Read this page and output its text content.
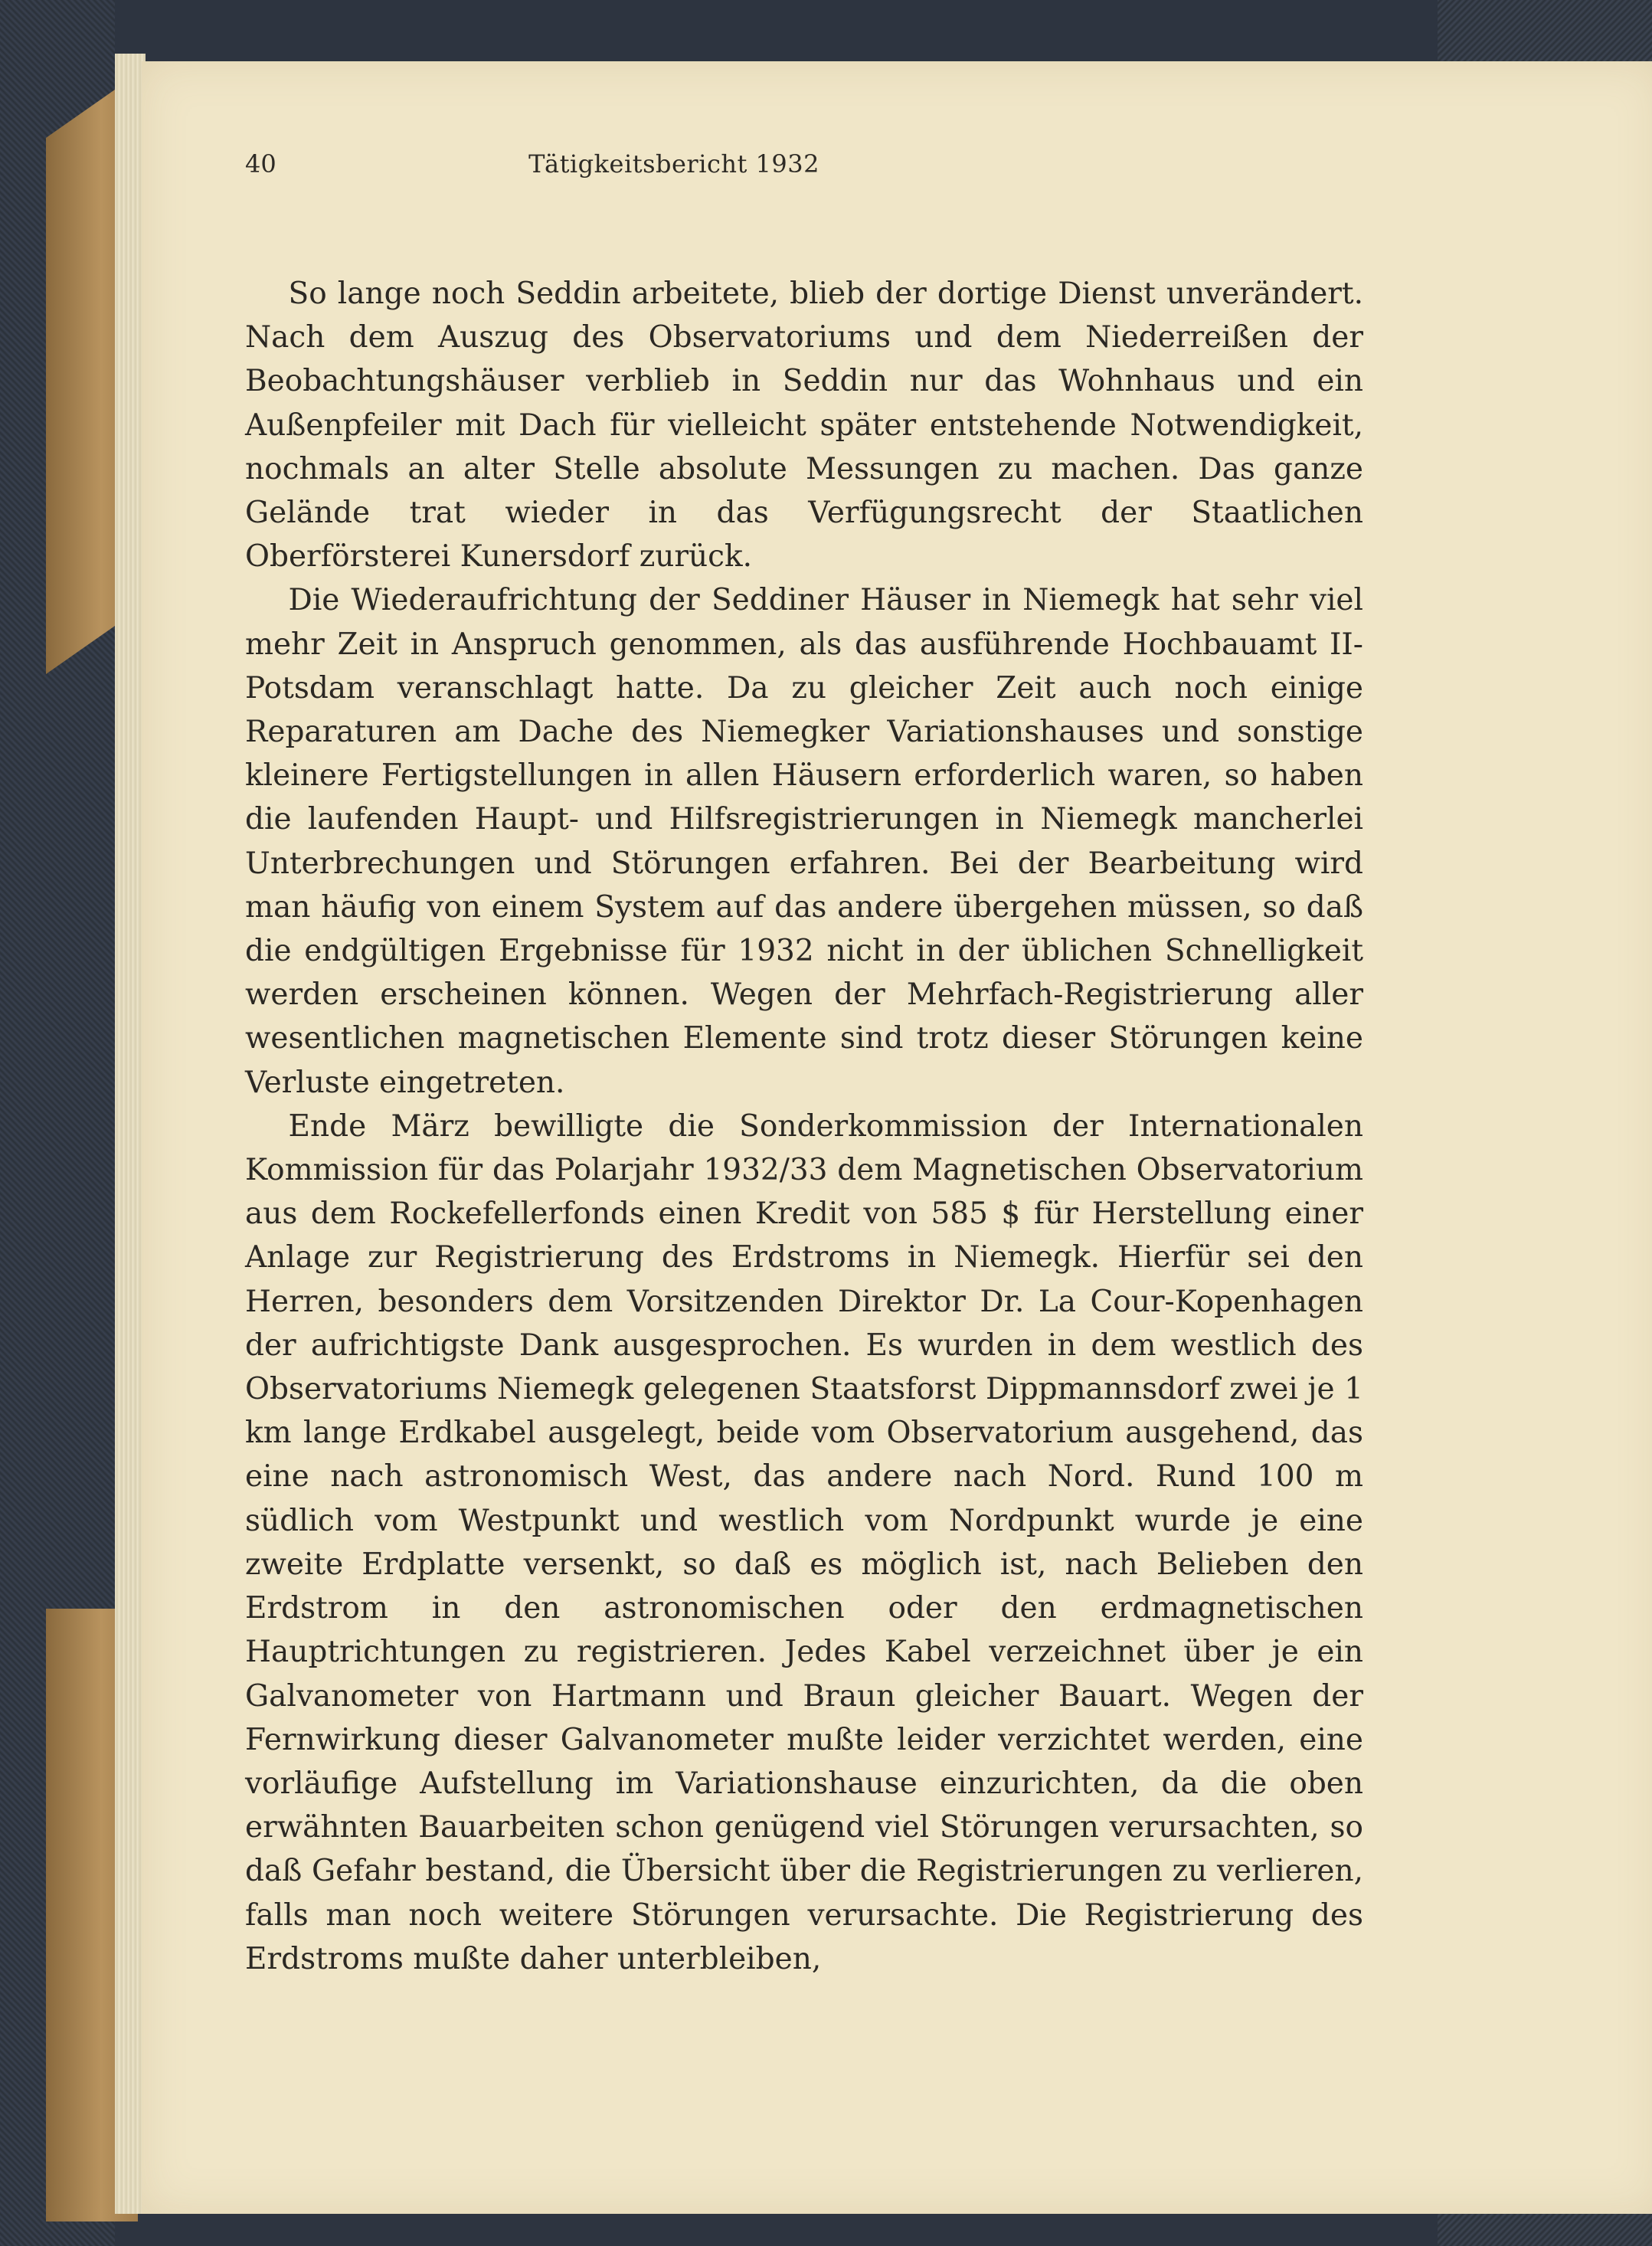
40	Tätigkeitsbericht 1932

So lange noch Seddin arbeitete, blieb der dortige Dienst unverändert. Nach dem Auszug des Observatoriums und dem Niederreißen der Beobachtungshäuser verblieb in Seddin nur das Wohnhaus und ein Außenpfeiler mit Dach für vielleicht später entstehende Notwendigkeit, nochmals an alter Stelle absolute Messungen zu machen. Das ganze Gelände trat wieder in das Verfügungsrecht der Staatlichen Oberförsterei Kunersdorf zurück.

Die Wiederaufrichtung der Seddiner Häuser in Niemegk hat sehr viel mehr Zeit in Anspruch genommen, als das ausführende Hochbauamt II-Potsdam veranschlagt hatte. Da zu gleicher Zeit auch noch einige Reparaturen am Dache des Niemegker Variationshauses und sonstige kleinere Fertigstellungen in allen Häusern erforderlich waren, so haben die laufenden Haupt- und Hilfsregistrierungen in Niemegk mancherlei Unterbrechungen und Störungen erfahren. Bei der Bearbeitung wird man häufig von einem System auf das andere übergehen müssen, so daß die endgültigen Ergebnisse für 1932 nicht in der üblichen Schnelligkeit werden erscheinen können. Wegen der Mehrfach-Registrierung aller wesentlichen magnetischen Elemente sind trotz dieser Störungen keine Verluste eingetreten.

Ende März bewilligte die Sonderkommission der Internationalen Kommission für das Polarjahr 1932/33 dem Magnetischen Observatorium aus dem Rockefellerfonds einen Kredit von 585 $ für Herstellung einer Anlage zur Registrierung des Erdstroms in Niemegk. Hierfür sei den Herren, besonders dem Vorsitzenden Direktor Dr. La Cour-Kopenhagen der aufrichtigste Dank ausgesprochen. Es wurden in dem westlich des Observatoriums Niemegk gelegenen Staatsforst Dippmannsdorf zwei je 1 km lange Erdkabel ausgelegt, beide vom Observatorium ausgehend, das eine nach astronomisch West, das andere nach Nord. Rund 100 m südlich vom Westpunkt und westlich vom Nordpunkt wurde je eine zweite Erdplatte versenkt, so daß es möglich ist, nach Belieben den Erdstrom in den astronomischen oder den erdmagnetischen Hauptrichtungen zu registrieren. Jedes Kabel verzeichnet über je ein Galvanometer von Hartmann und Braun gleicher Bauart. Wegen der Fernwirkung dieser Galvanometer mußte leider verzichtet werden, eine vorläufige Aufstellung im Variationshause einzurichten, da die oben erwähnten Bauarbeiten schon genügend viel Störungen verursachten, so daß Gefahr bestand, die Übersicht über die Registrierungen zu verlieren, falls man noch weitere Störungen verursachte. Die Registrierung des Erdstroms mußte daher unterbleiben,
